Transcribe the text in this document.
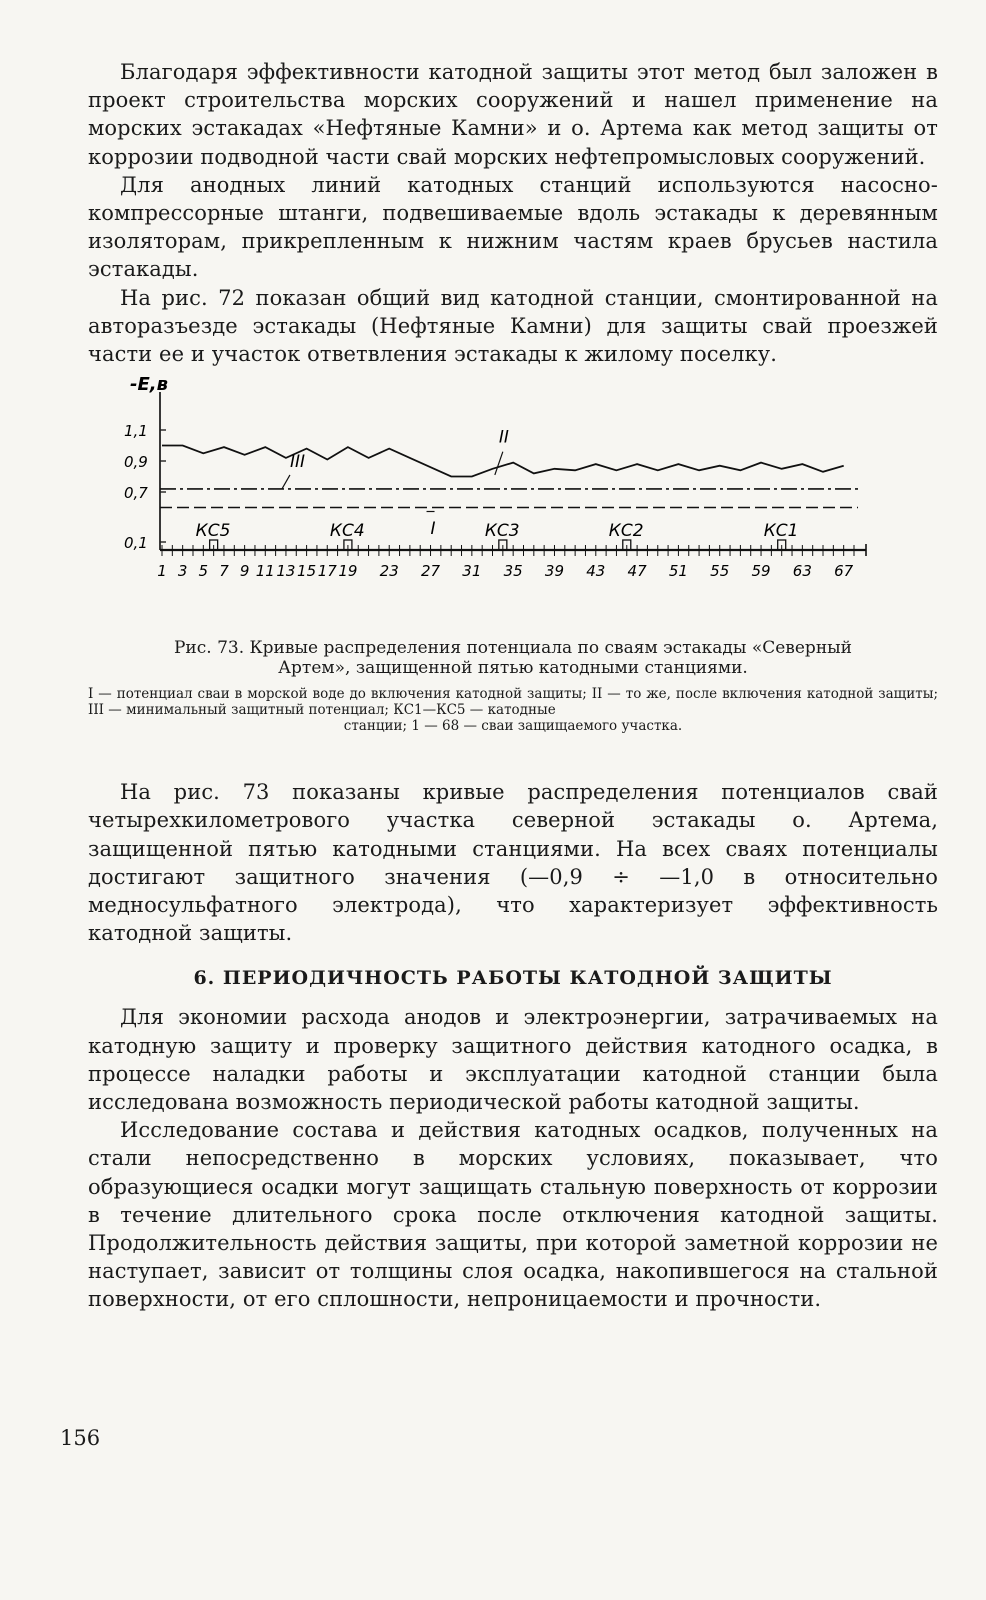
Благодаря эффективности катодной защиты этот метод был заложен в проект строительства морских сооружений и нашел применение на морских эстакадах «Нефтяные Камни» и о. Артема как метод защиты от коррозии подводной части свай морских нефтепромысловых сооружений.

Для анодных линий катодных станций используются насосно-компрессорные штанги, подвешиваемые вдоль эстакады к деревянным изоляторам, прикрепленным к нижним частям краев брусьев настила эстакады.

На рис. 72 показан общий вид катодной станции, смонтированной на авторазъезде эстакады (Нефтяные Камни) для защиты свай проезжей части ее и участок ответвления эстакады к жилому поселку.

-E,в
1,1
0,9
0,7
0,1
II
III
I
КС5	КС4	КС3	КС2	КС1
1 3 5 7 9 11 13 15 17 19 23 27 31 35 39 43 47 51 55 59 63 67

Рис. 73. Кривые распределения потенциала по сваям эстакады «Северный
Артем», защищенной пятью катодными станциями.

I — потенциал сваи в морской воде до включения катодной защиты; II — то же, после включения катодной защиты; III — минимальный защитный потенциал; КС1—КС5 — катодные
станции; 1 — 68 — сваи защищаемого участка.

На рис. 73 показаны кривые распределения потенциалов свай четырехкилометрового участка северной эстакады о. Артема, защищенной пятью катодными станциями. На всех сваях потенциалы достигают защитного значения (—0,9 ÷ —1,0 в относительно медносульфатного электрода), что характеризует эффективность катодной защиты.

6. ПЕРИОДИЧНОСТЬ РАБОТЫ КАТОДНОЙ ЗАЩИТЫ

Для экономии расхода анодов и электроэнергии, затрачиваемых на катодную защиту и проверку защитного действия катодного осадка, в процессе наладки работы и эксплуатации катодной станции была исследована возможность периодической работы катодной защиты.

Исследование состава и действия катодных осадков, полученных на стали непосредственно в морских условиях, показывает, что образующиеся осадки могут защищать стальную поверхность от коррозии в течение длительного срока после отключения катодной защиты. Продолжительность действия защиты, при которой заметной коррозии не наступает, зависит от толщины слоя осадка, накопившегося на стальной поверхности, от его сплошности, непроницаемости и прочности.

156
